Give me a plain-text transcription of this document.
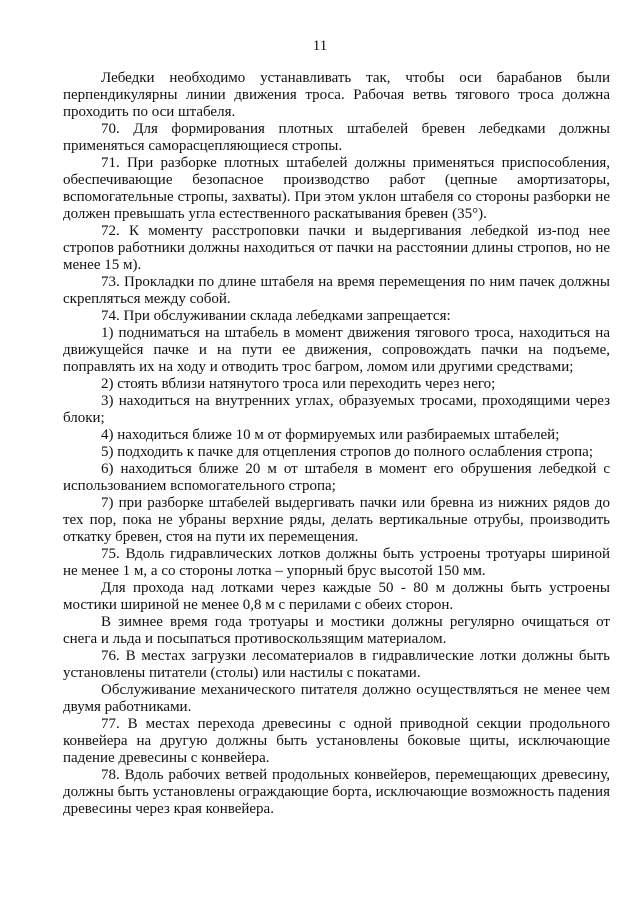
11

Лебедки необходимо устанавливать так, чтобы оси барабанов были перпендикулярны линии движения троса. Рабочая ветвь тягового троса должна проходить по оси штабеля.

70. Для формирования плотных штабелей бревен лебедками должны применяться саморасцепляющиеся стропы.

71. При разборке плотных штабелей должны применяться приспособления, обеспечивающие безопасное производство работ (цепные амортизаторы, вспомогательные стропы, захваты). При этом уклон штабеля со стороны разборки не должен превышать угла естественного раскатывания бревен (35°).

72. К моменту расстроповки пачки и выдергивания лебедкой из-под нее стропов работники должны находиться от пачки на расстоянии длины стропов, но не менее 15 м).

73. Прокладки по длине штабеля на время перемещения по ним пачек должны скрепляться между собой.

74. При обслуживании склада лебедками запрещается:

1) подниматься на штабель в момент движения тягового троса, находиться на движущейся пачке и на пути ее движения, сопровождать пачки на подъеме, поправлять их на ходу и отводить трос багром, ломом или другими средствами;

2) стоять вблизи натянутого троса или переходить через него;

3) находиться на внутренних углах, образуемых тросами, проходящими через блоки;

4) находиться ближе 10 м от формируемых или разбираемых штабелей;

5) подходить к пачке для отцепления стропов до полного ослабления стропа;

6) находиться ближе 20 м от штабеля в момент его обрушения лебедкой с использованием вспомогательного стропа;

7) при разборке штабелей выдергивать пачки или бревна из нижних рядов до тех пор, пока не убраны верхние ряды, делать вертикальные отрубы, производить откатку бревен, стоя на пути их перемещения.

75. Вдоль гидравлических лотков должны быть устроены тротуары шириной не менее 1 м, а со стороны лотка – упорный брус высотой 150 мм.

Для прохода над лотками через каждые 50 - 80 м должны быть устроены мостики шириной не менее 0,8 м с перилами с обеих сторон.

В зимнее время года тротуары и мостики должны регулярно очищаться от снега и льда и посыпаться противоскользящим материалом.

76. В местах загрузки лесоматериалов в гидравлические лотки должны быть установлены питатели (столы) или настилы с покатами.

Обслуживание механического питателя должно осуществляться не менее чем двумя работниками.

77. В местах перехода древесины с одной приводной секции продольного конвейера на другую должны быть установлены боковые щиты, исключающие падение древесины с конвейера.

78. Вдоль рабочих ветвей продольных конвейеров, перемещающих древесину, должны быть установлены ограждающие борта, исключающие возможность падения древесины через края конвейера.
